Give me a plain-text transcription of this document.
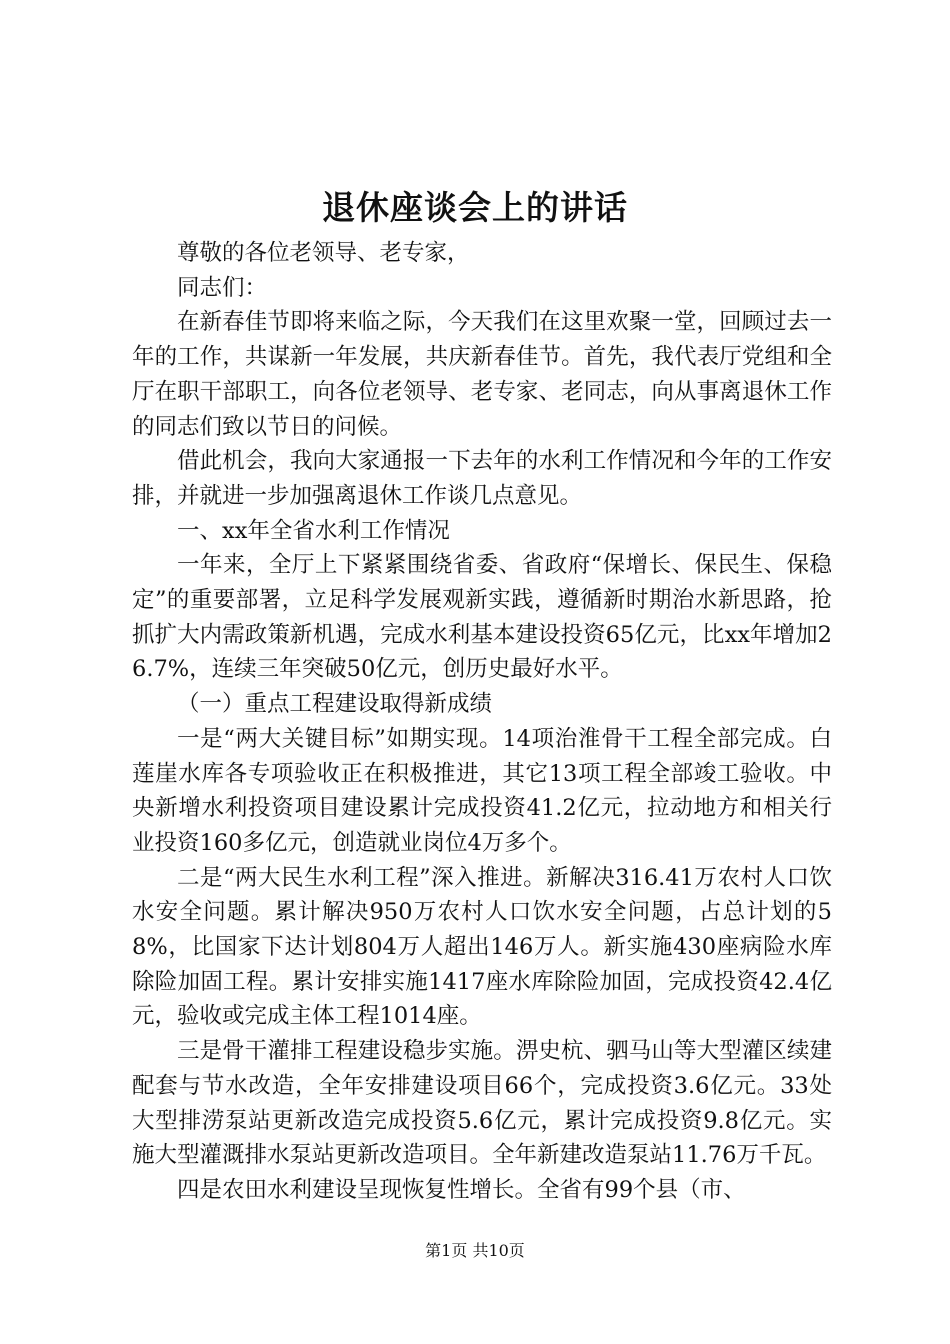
退休座谈会上的讲话

尊敬的各位老领导、老专家，

同志们：

在新春佳节即将来临之际，今天我们在这里欢聚一堂，回顾过去一年的工作，共谋新一年发展，共庆新春佳节。首先，我代表厅党组和全厅在职干部职工，向各位老领导、老专家、老同志，向从事离退休工作的同志们致以节日的问候。

借此机会，我向大家通报一下去年的水利工作情况和今年的工作安排，并就进一步加强离退休工作谈几点意见。

一、xx年全省水利工作情况

一年来，全厅上下紧紧围绕省委、省政府“保增长、保民生、保稳定”的重要部署，立足科学发展观新实践，遵循新时期治水新思路，抢抓扩大内需政策新机遇，完成水利基本建设投资65亿元，比xx年增加26.7%，连续三年突破50亿元，创历史最好水平。

（一）重点工程建设取得新成绩

一是“两大关键目标”如期实现。14项治淮骨干工程全部完成。白莲崖水库各专项验收正在积极推进，其它13项工程全部竣工验收。中央新增水利投资项目建设累计完成投资41.2亿元，拉动地方和相关行业投资160多亿元，创造就业岗位4万多个。

二是“两大民生水利工程”深入推进。新解决316.41万农村人口饮水安全问题。累计解决950万农村人口饮水安全问题，占总计划的58%，比国家下达计划804万人超出146万人。新实施430座病险水库除险加固工程。累计安排实施1417座水库除险加固，完成投资42.4亿元，验收或完成主体工程1014座。

三是骨干灌排工程建设稳步实施。淠史杭、驷马山等大型灌区续建配套与节水改造，全年安排建设项目66个，完成投资3.6亿元。33处大型排涝泵站更新改造完成投资5.6亿元，累计完成投资9.8亿元。实施大型灌溉排水泵站更新改造项目。全年新建改造泵站11.76万千瓦。

四是农田水利建设呈现恢复性增长。全省有99个县（市、

第1页 共10页
